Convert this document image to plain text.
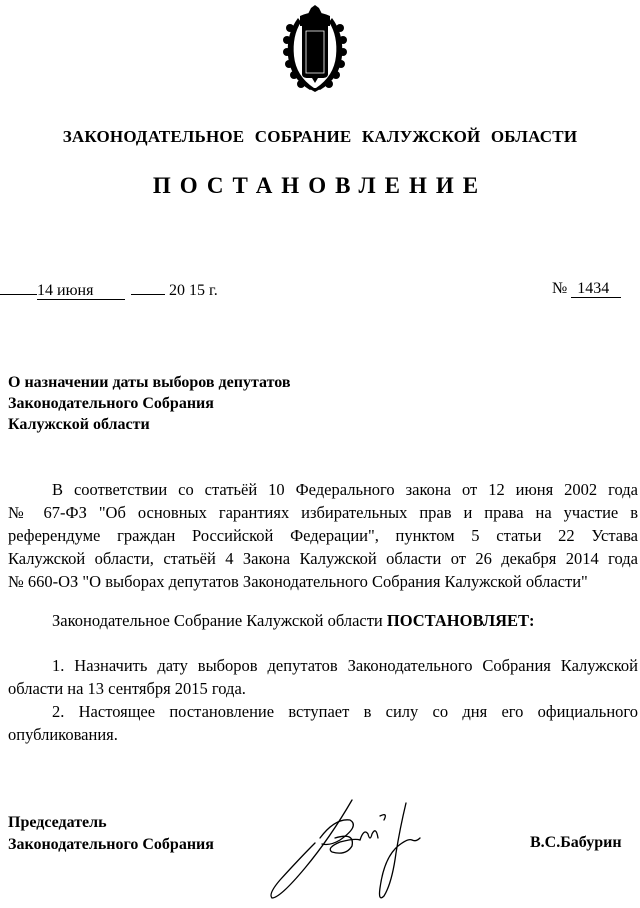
ЗАКОНОДАТЕЛЬНОЕ СОБРАНИЕ КАЛУЖСКОЙ ОБЛАСТИ
ПОСТАНОВЛЕНИЕ
14 июня	20 15 г.	№ 1434
О назначении даты выборов депутатов
Законодательного Собрания
Калужской области
В соответствии со статьёй 10 Федерального закона от 12 июня 2002 года
№ 67-ФЗ "Об основных гарантиях избирательных прав и права на участие в
референдуме граждан Российской Федерации", пунктом 5 статьи 22 Устава
Калужской области, статьёй 4 Закона Калужской области от 26 декабря 2014 года
№ 660-ОЗ "О выборах депутатов Законодательного Собрания Калужской области"
Законодательное Собрание Калужской области ПОСТАНОВЛЯЕТ:
1. Назначить дату выборов депутатов Законодательного Собрания Калужской
области на 13 сентября 2015 года.
2. Настоящее постановление вступает в силу со дня его официального
опубликования.
Председатель
Законодательного Собрания	В.С.Бабурин
